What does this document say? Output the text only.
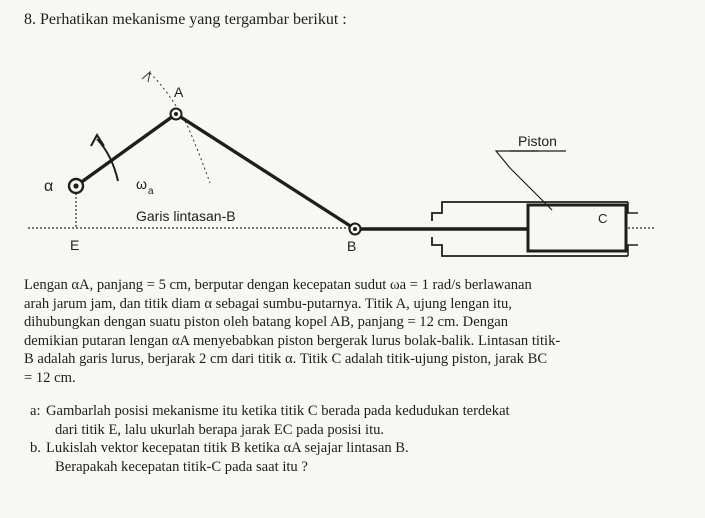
8. Perhatikan mekanisme yang tergambar berikut :
α
A
ω a
Garis lintasan-B
E	B
Piston
C

Lengan αA, panjang = 5 cm, berputar dengan kecepatan sudut ωa = 1 rad/s berlawanan

arah jarum jam, dan titik diam α sebagai sumbu-putarnya. Titik A, ujung lengan itu,

dihubungkan dengan suatu piston oleh batang kopel AB, panjang = 12 cm. Dengan

demikian putaran lengan αA menyebabkan piston bergerak lurus bolak-balik. Lintasan titik-

B adalah garis lurus, berjarak 2 cm dari titik α. Titik C adalah titik-ujung piston, jarak BC

= 12 cm.

a: Gambarlah posisi mekanisme itu ketika titik C berada pada kedudukan terdekat
dari titik E, lalu ukurlah berapa jarak EC pada posisi itu.
b. Lukislah vektor kecepatan titik B ketika αA sejajar lintasan B.
Berapakah kecepatan titik-C pada saat itu ?
